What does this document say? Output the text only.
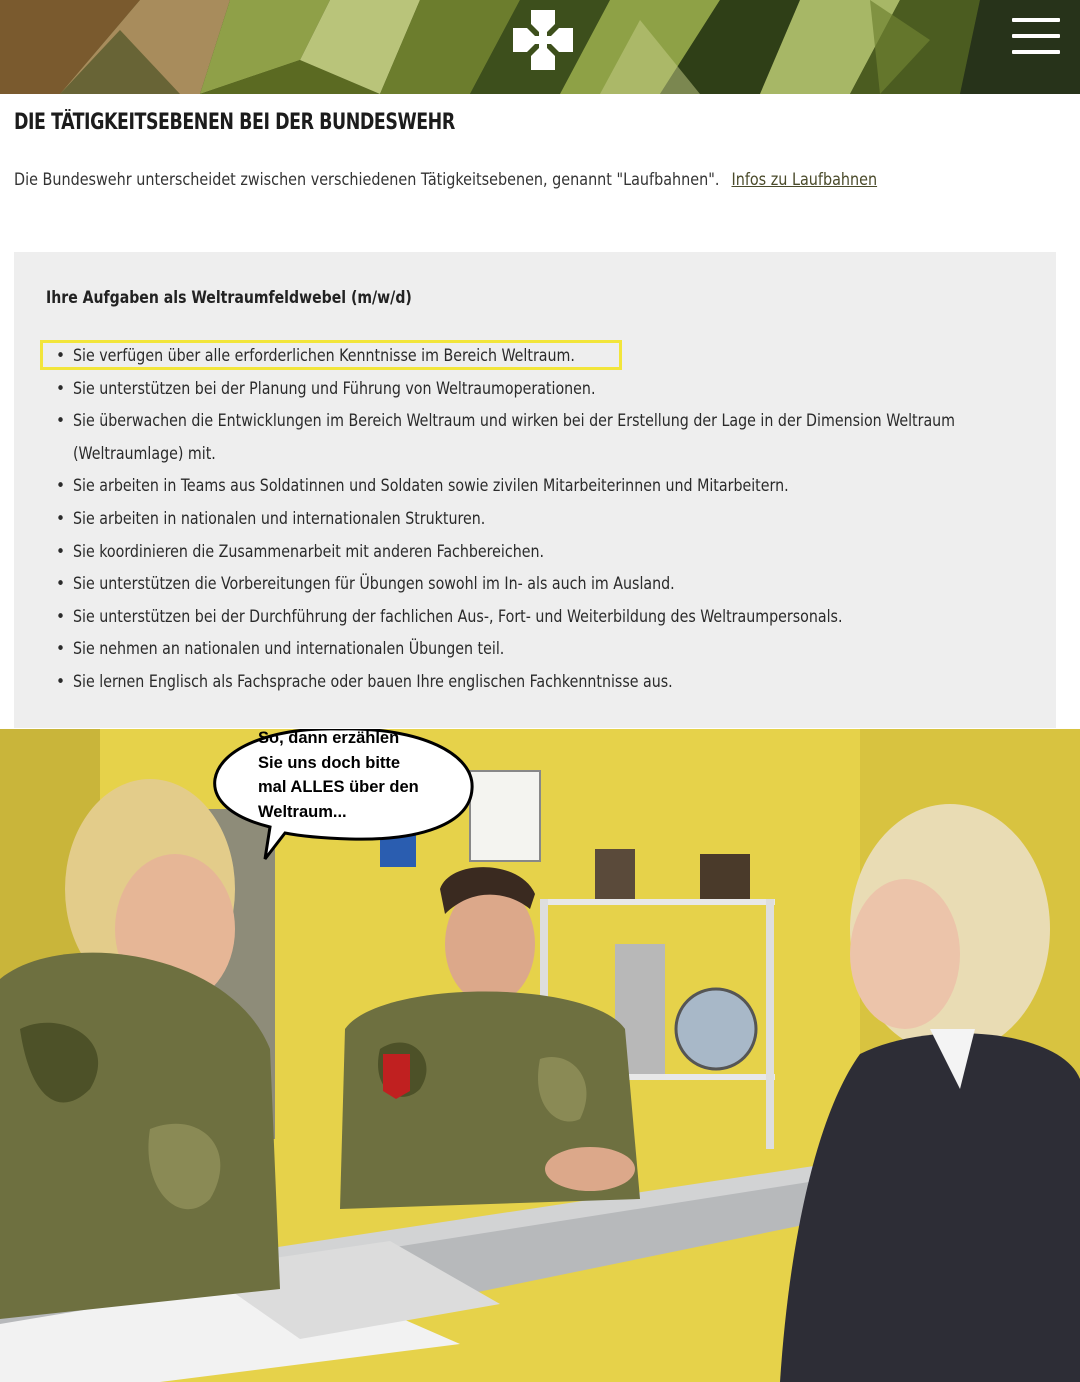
DIE TÄTIGKEITSEBENEN BEI DER BUNDESWEHR

Die Bundeswehr unterscheidet zwischen verschiedenen Tätigkeitsebenen, genannt "Laufbahnen". Infos zu Laufbahnen

Ihre Aufgaben als Weltraumfeldwebel (m/w/d)
• Sie verfügen über alle erforderlichen Kenntnisse im Bereich Weltraum.
• Sie unterstützen bei der Planung und Führung von Weltraumoperationen.
• Sie überwachen die Entwicklungen im Bereich Weltraum und wirken bei der Erstellung der Lage in der Dimension Weltraum (Weltraumlage) mit.
• Sie arbeiten in Teams aus Soldatinnen und Soldaten sowie zivilen Mitarbeiterinnen und Mitarbeitern.
• Sie arbeiten in nationalen und internationalen Strukturen.
• Sie koordinieren die Zusammenarbeit mit anderen Fachbereichen.
• Sie unterstützen die Vorbereitungen für Übungen sowohl im In- als auch im Ausland.
• Sie unterstützen bei der Durchführung der fachlichen Aus-, Fort- und Weiterbildung des Weltraumpersonals.
• Sie nehmen an nationalen und internationalen Übungen teil.
• Sie lernen Englisch als Fachsprache oder bauen Ihre englischen Fachkenntnisse aus.
So, dann erzählen
Sie uns doch bitte
mal ALLES über den
Weltraum...
